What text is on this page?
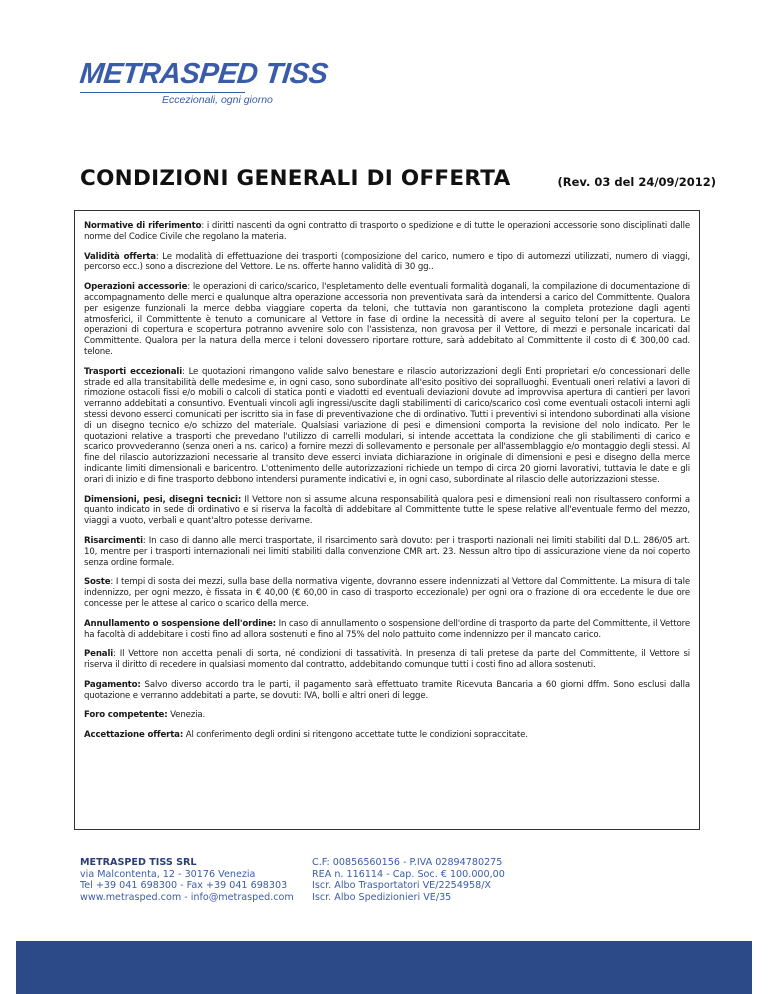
METRASPED TISS
Eccezionali, ogni giorno
CONDIZIONI GENERALI DI OFFERTA	(Rev. 03 del 24/09/2012)

Normative di riferimento: i diritti nascenti da ogni contratto di trasporto o spedizione e di tutte le operazioni accessorie sono disciplinati dalle norme del Codice Civile che regolano la materia.

Validità offerta: Le modalità di effettuazione dei trasporti (composizione del carico, numero e tipo di automezzi utilizzati, numero di viaggi, percorso ecc.) sono a discrezione del Vettore. Le ns. offerte hanno validità di 30 gg..

Operazioni accessorie: le operazioni di carico/scarico, l'espletamento delle eventuali formalità doganali, la compilazione di documentazione di accompagnamento delle merci e qualunque altra operazione accessoria non preventivata sarà da intendersi a carico del Committente. Qualora per esigenze funzionali la merce debba viaggiare coperta da teloni, che tuttavia non garantiscono la completa protezione dagli agenti atmosferici, il Committente è tenuto a comunicare al Vettore in fase di ordine la necessità di avere al seguito teloni per la copertura. Le operazioni di copertura e scopertura potranno avvenire solo con l'assistenza, non gravosa per il Vettore, di mezzi e personale incaricati dal Committente. Qualora per la natura della merce i teloni dovessero riportare rotture, sarà addebitato al Committente il costo di € 300,00 cad. telone.

Trasporti eccezionali: Le quotazioni rimangono valide salvo benestare e rilascio autorizzazioni degli Enti proprietari e/o concessionari delle strade ed alla transitabilità delle medesime e, in ogni caso, sono subordinate all'esito positivo dei sopralluoghi. Eventuali oneri relativi a lavori di rimozione ostacoli fissi e/o mobili o calcoli di statica ponti e viadotti ed eventuali deviazioni dovute ad improvvisa apertura di cantieri per lavori verranno addebitati a consuntivo. Eventuali vincoli agli ingressi/uscite dagli stabilimenti di carico/scarico così come eventuali ostacoli interni agli stessi devono esserci comunicati per iscritto sia in fase di preventivazione che di ordinativo. Tutti i preventivi si intendono subordinati alla visione di un disegno tecnico e/o schizzo del materiale. Qualsiasi variazione di pesi e dimensioni comporta la revisione del nolo indicato. Per le quotazioni relative a trasporti che prevedano l'utilizzo di carrelli modulari, si intende accettata la condizione che gli stabilimenti di carico e scarico provvederanno (senza oneri a ns. carico) a fornire mezzi di sollevamento e personale per all'assemblaggio e/o montaggio degli stessi. Al fine del rilascio autorizzazioni necessarie al transito deve esserci inviata dichiarazione in originale di dimensioni e pesi e disegno della merce indicante limiti dimensionali e baricentro. L'ottenimento delle autorizzazioni richiede un tempo di circa 20 giorni lavorativi, tuttavia le date e gli orari di inizio e di fine trasporto debbono intendersi puramente indicativi e, in ogni caso, subordinate al rilascio delle autorizzazioni stesse.

Dimensioni, pesi, disegni tecnici: Il Vettore non si assume alcuna responsabilità qualora pesi e dimensioni reali non risultassero conformi a quanto indicato in sede di ordinativo e si riserva la facoltà di addebitare al Committente tutte le spese relative all'eventuale fermo del mezzo, viaggi a vuoto, verbali e quant'altro potesse derivarne.

Risarcimenti: In caso di danno alle merci trasportate, il risarcimento sarà dovuto: per i trasporti nazionali nei limiti stabiliti dal D.L. 286/05 art. 10, mentre per i trasporti internazionali nei limiti stabiliti dalla convenzione CMR art. 23. Nessun altro tipo di assicurazione viene da noi coperto senza ordine formale.

Soste: I tempi di sosta dei mezzi, sulla base della normativa vigente, dovranno essere indennizzati al Vettore dal Committente. La misura di tale indennizzo, per ogni mezzo, è fissata in € 40,00 (€ 60,00 in caso di trasporto eccezionale) per ogni ora o frazione di ora eccedente le due ore concesse per le attese al carico o scarico della merce.

Annullamento o sospensione dell'ordine: In caso di annullamento o sospensione dell'ordine di trasporto da parte del Committente, il Vettore ha facoltà di addebitare i costi fino ad allora sostenuti e fino al 75% del nolo pattuito come indennizzo per il mancato carico.

Penali: Il Vettore non accetta penali di sorta, né condizioni di tassatività. In presenza di tali pretese da parte del Committente, il Vettore si riserva il diritto di recedere in qualsiasi momento dal contratto, addebitando comunque tutti i costi fino ad allora sostenuti.

Pagamento: Salvo diverso accordo tra le parti, il pagamento sarà effettuato tramite Ricevuta Bancaria a 60 giorni dffm. Sono esclusi dalla quotazione e verranno addebitati a parte, se dovuti: IVA, bolli e altri oneri di legge.

Foro competente: Venezia.

Accettazione offerta: Al conferimento degli ordini si ritengono accettate tutte le condizioni sopraccitate.

METRASPED TISS SRL
via Malcontenta, 12 - 30176 Venezia
Tel +39 041 698300 - Fax +39 041 698303
www.metrasped.com - info@metrasped.com
C.F: 00856560156 - P.IVA 02894780275
REA n. 116114 - Cap. Soc. € 100.000,00
Iscr. Albo Trasportatori VE/2254958/X
Iscr. Albo Spedizionieri VE/35
